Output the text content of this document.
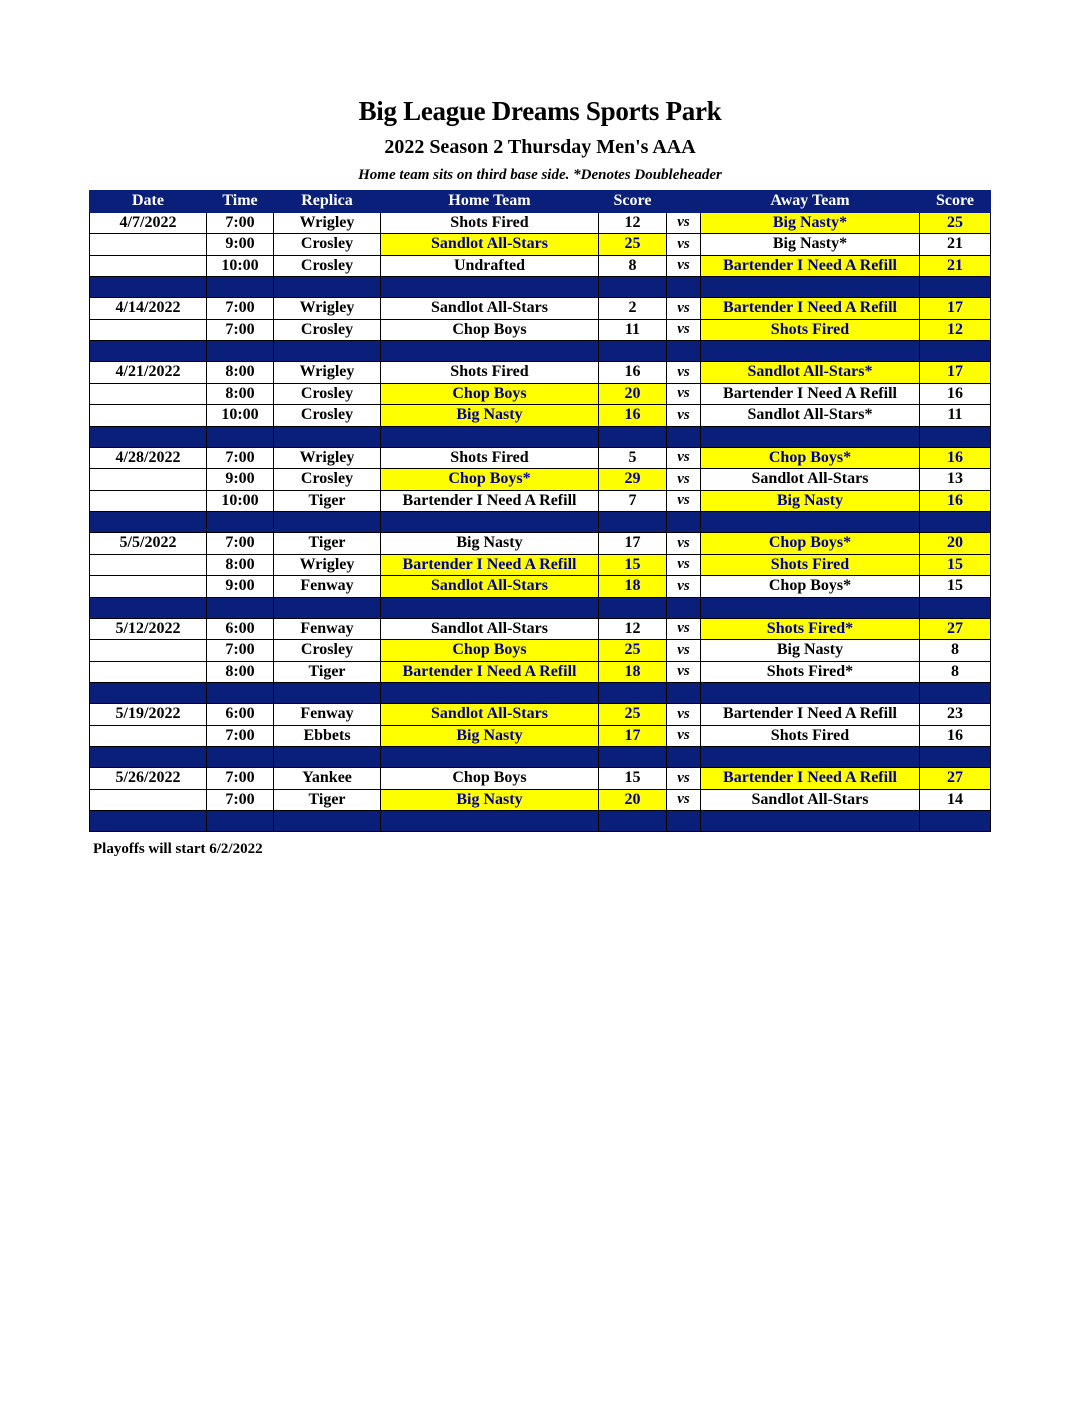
Big League Dreams Sports Park
2022 Season 2 Thursday Men's AAA
Home team sits on third base side. *Denotes Doubleheader
Date	Time	Replica	Home Team	Score		Away Team	Score
4/7/2022	7:00	Wrigley	Shots Fired	12	vs	Big Nasty*	25
	9:00	Crosley	Sandlot All-Stars	25	vs	Big Nasty*	21
	10:00	Crosley	Undrafted	8	vs	Bartender I Need A Refill	21

4/14/2022	7:00	Wrigley	Sandlot All-Stars	2	vs	Bartender I Need A Refill	17
	7:00	Crosley	Chop Boys	11	vs	Shots Fired	12

4/21/2022	8:00	Wrigley	Shots Fired	16	vs	Sandlot All-Stars*	17
	8:00	Crosley	Chop Boys	20	vs	Bartender I Need A Refill	16
	10:00	Crosley	Big Nasty	16	vs	Sandlot All-Stars*	11

4/28/2022	7:00	Wrigley	Shots Fired	5	vs	Chop Boys*	16
	9:00	Crosley	Chop Boys*	29	vs	Sandlot All-Stars	13
	10:00	Tiger	Bartender I Need A Refill	7	vs	Big Nasty	16

5/5/2022	7:00	Tiger	Big Nasty	17	vs	Chop Boys*	20
	8:00	Wrigley	Bartender I Need A Refill	15	vs	Shots Fired	15
	9:00	Fenway	Sandlot All-Stars	18	vs	Chop Boys*	15

5/12/2022	6:00	Fenway	Sandlot All-Stars	12	vs	Shots Fired*	27
	7:00	Crosley	Chop Boys	25	vs	Big Nasty	8
	8:00	Tiger	Bartender I Need A Refill	18	vs	Shots Fired*	8

5/19/2022	6:00	Fenway	Sandlot All-Stars	25	vs	Bartender I Need A Refill	23
	7:00	Ebbets	Big Nasty	17	vs	Shots Fired	16

5/26/2022	7:00	Yankee	Chop Boys	15	vs	Bartender I Need A Refill	27
	7:00	Tiger	Big Nasty	20	vs	Sandlot All-Stars	14

Playoffs will start 6/2/2022
